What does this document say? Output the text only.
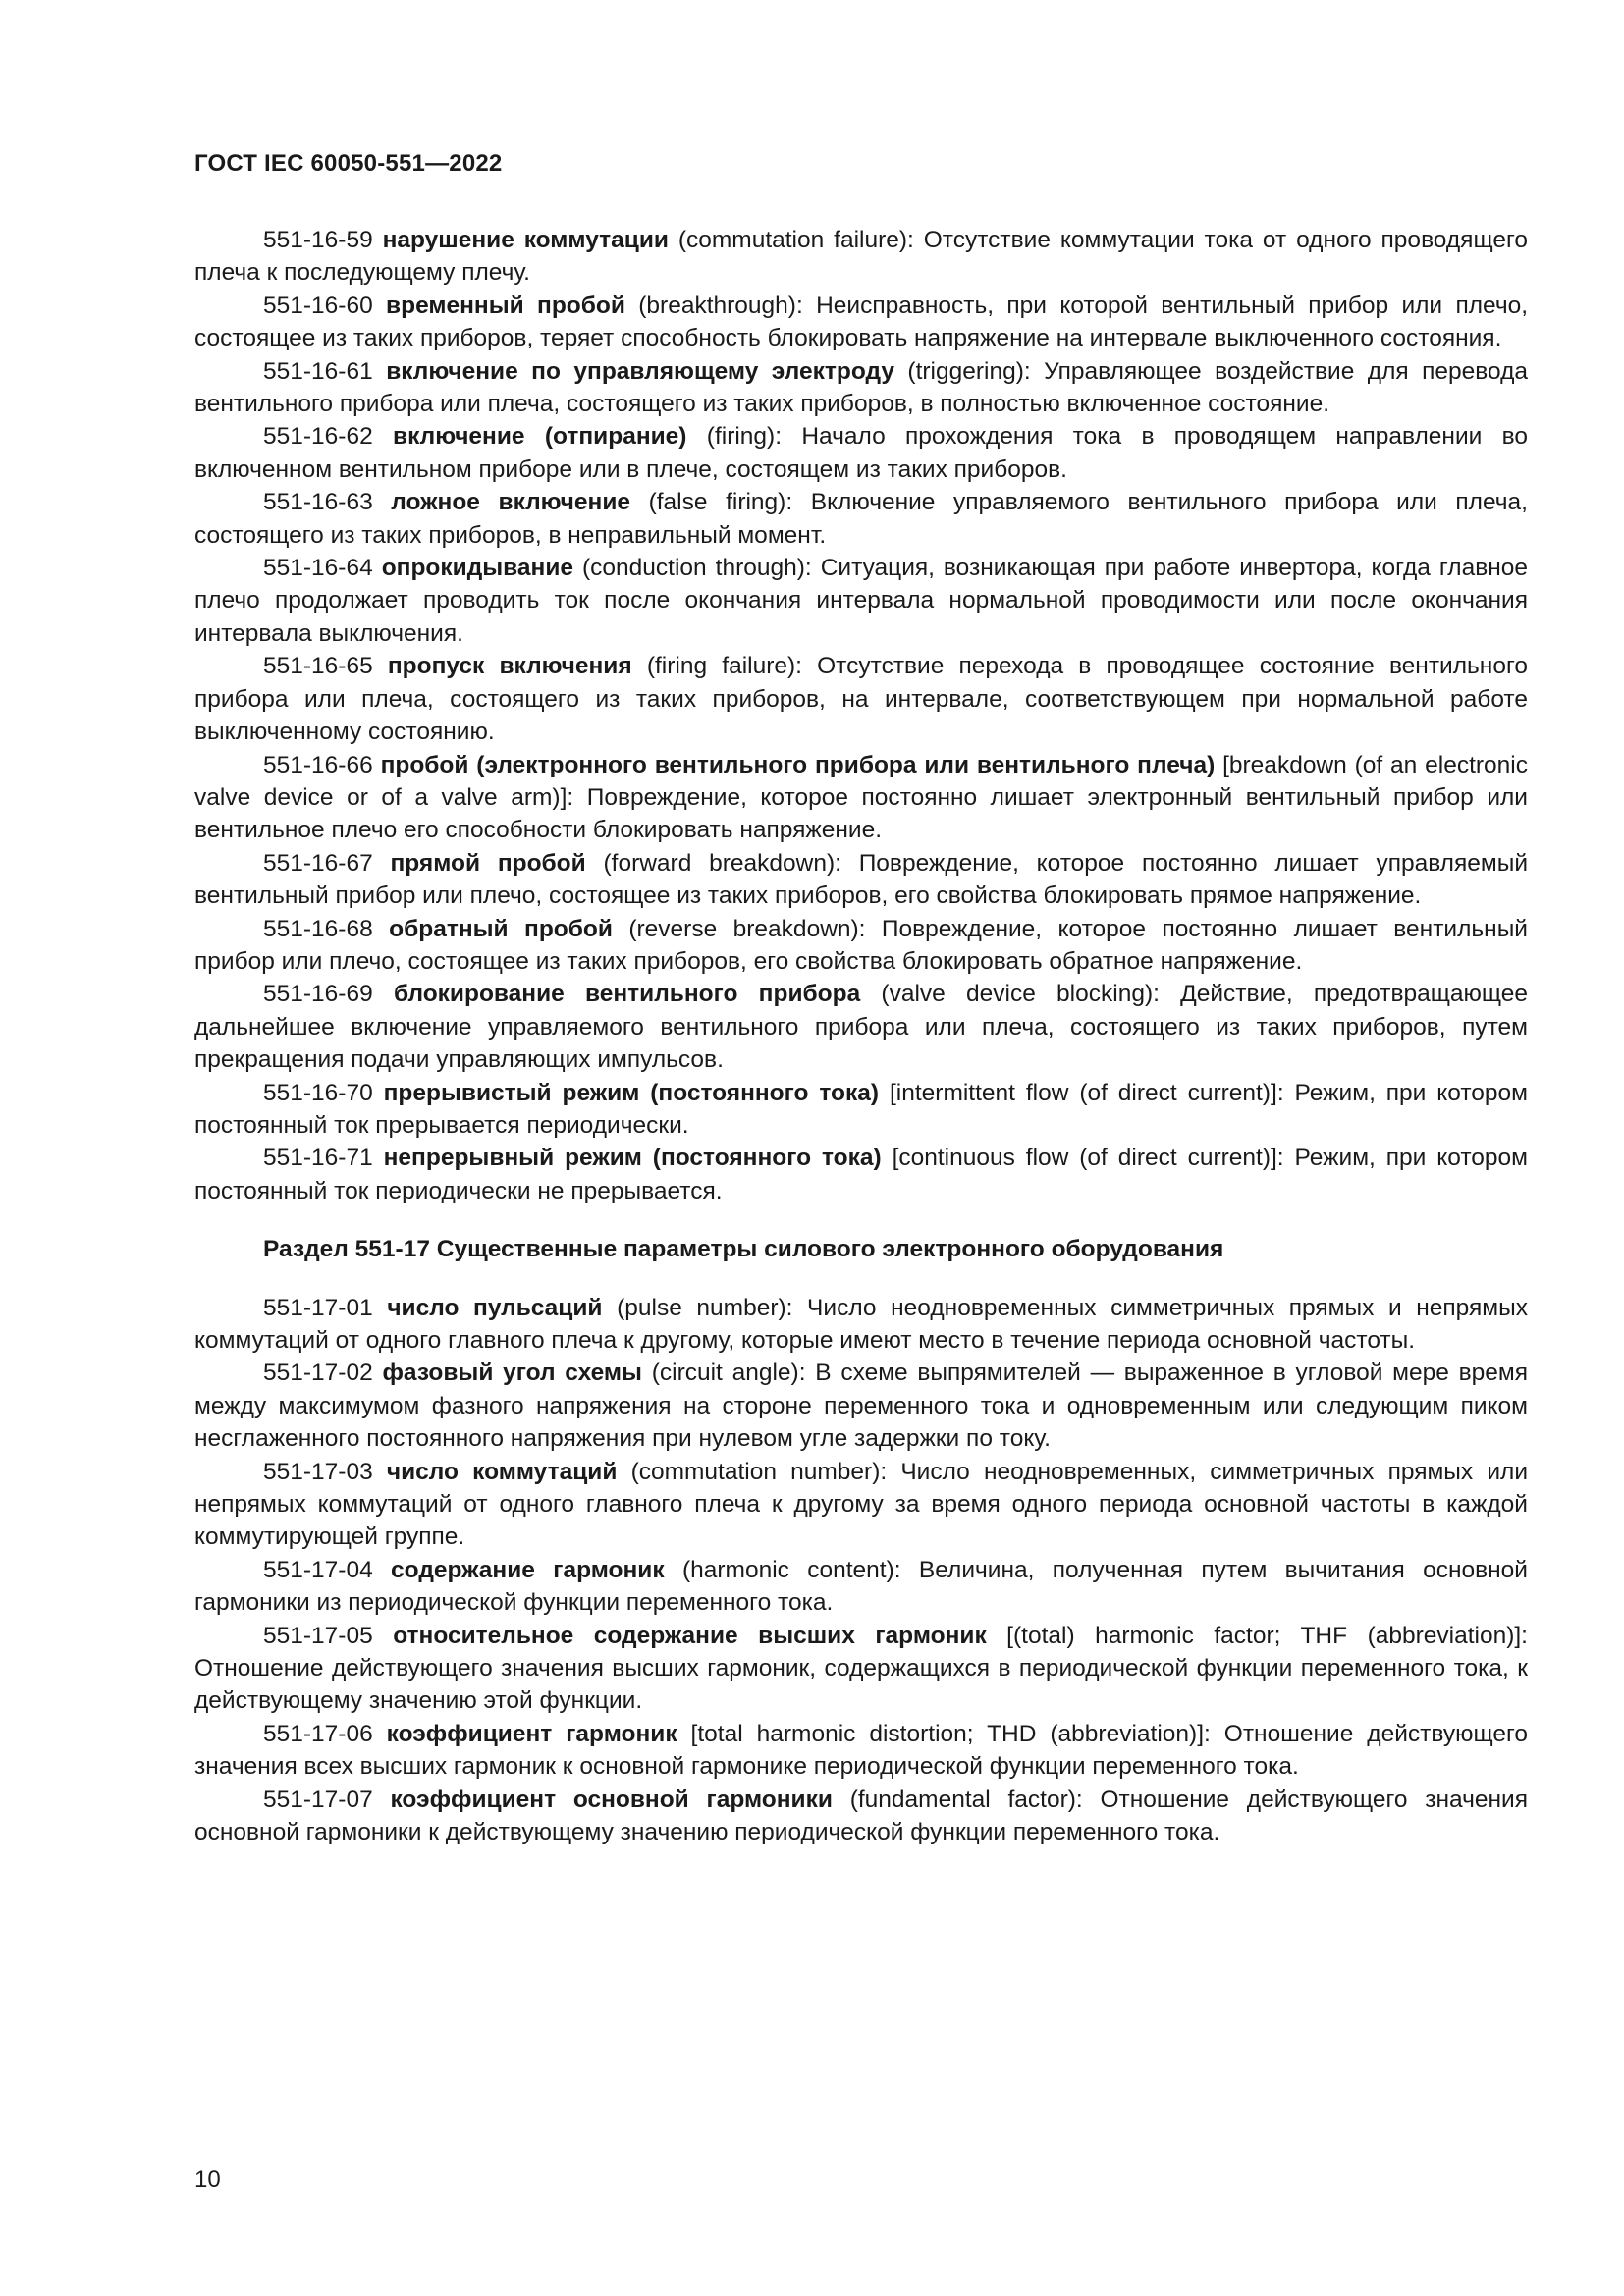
ГОСТ IEC 60050-551—2022

551-16-59 нарушение коммутации (commutation failure): Отсутствие коммутации тока от одного проводящего плеча к последующему плечу.

551-16-60 временный пробой (breakthrough): Неисправность, при которой вентильный прибор или плечо, состоящее из таких приборов, теряет способность блокировать напряжение на интервале выключенного состояния.

551-16-61 включение по управляющему электроду (triggering): Управляющее воздействие для перевода вентильного прибора или плеча, состоящего из таких приборов, в полностью включенное состояние.

551-16-62 включение (отпирание) (firing): Начало прохождения тока в проводящем направлении во включенном вентильном приборе или в плече, состоящем из таких приборов.

551-16-63 ложное включение (false firing): Включение управляемого вентильного прибора или плеча, состоящего из таких приборов, в неправильный момент.

551-16-64 опрокидывание (conduction through): Ситуация, возникающая при работе инвертора, когда главное плечо продолжает проводить ток после окончания интервала нормальной проводимости или после окончания интервала выключения.

551-16-65 пропуск включения (firing failure): Отсутствие перехода в проводящее состояние вентильного прибора или плеча, состоящего из таких приборов, на интервале, соответствующем при нормальной работе выключенному состоянию.

551-16-66 пробой (электронного вентильного прибора или вентильного плеча) [breakdown (of an electronic valve device or of a valve arm)]: Повреждение, которое постоянно лишает электронный вентильный прибор или вентильное плечо его способности блокировать напряжение.

551-16-67 прямой пробой (forward breakdown): Повреждение, которое постоянно лишает управляемый вентильный прибор или плечо, состоящее из таких приборов, его свойства блокировать прямое напряжение.

551-16-68 обратный пробой (reverse breakdown): Повреждение, которое постоянно лишает вентильный прибор или плечо, состоящее из таких приборов, его свойства блокировать обратное напряжение.

551-16-69 блокирование вентильного прибора (valve device blocking): Действие, предотвращающее дальнейшее включение управляемого вентильного прибора или плеча, состоящего из таких приборов, путем прекращения подачи управляющих импульсов.

551-16-70 прерывистый режим (постоянного тока) [intermittent flow (of direct current)]: Режим, при котором постоянный ток прерывается периодически.

551-16-71 непрерывный режим (постоянного тока) [continuous flow (of direct current)]: Режим, при котором постоянный ток периодически не прерывается.

Раздел 551-17 Существенные параметры силового электронного оборудования

551-17-01 число пульсаций (pulse number): Число неодновременных симметричных прямых и непрямых коммутаций от одного главного плеча к другому, которые имеют место в течение периода основной частоты.

551-17-02 фазовый угол схемы (circuit angle): В схеме выпрямителей — выраженное в угловой мере время между максимумом фазного напряжения на стороне переменного тока и одновременным или следующим пиком несглаженного постоянного напряжения при нулевом угле задержки по току.

551-17-03 число коммутаций (commutation number): Число неодновременных, симметричных прямых или непрямых коммутаций от одного главного плеча к другому за время одного периода основной частоты в каждой коммутирующей группе.

551-17-04 содержание гармоник (harmonic content): Величина, полученная путем вычитания основной гармоники из периодической функции переменного тока.

551-17-05 относительное содержание высших гармоник [(total) harmonic factor; THF (abbreviation)]: Отношение действующего значения высших гармоник, содержащихся в периодической функции переменного тока, к действующему значению этой функции.

551-17-06 коэффициент гармоник [total harmonic distortion; THD (abbreviation)]: Отношение действующего значения всех высших гармоник к основной гармонике периодической функции переменного тока.

551-17-07 коэффициент основной гармоники (fundamental factor): Отношение действующего значения основной гармоники к действующему значению периодической функции переменного тока.

10
